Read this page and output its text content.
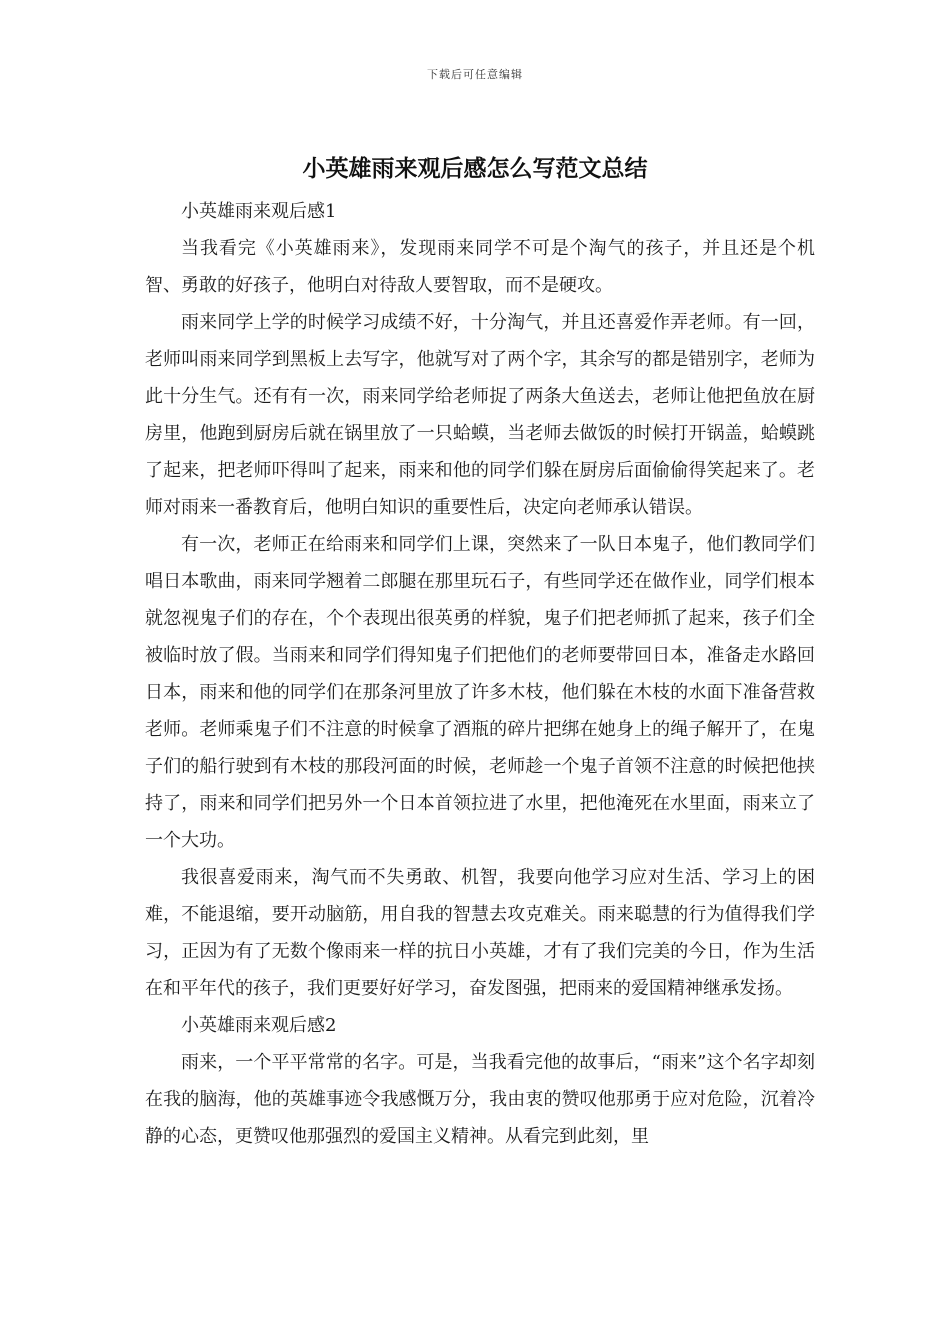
下载后可任意编辑
小英雄雨来观后感怎么写范文总结

小英雄雨来观后感1

当我看完《小英雄雨来》，发现雨来同学不可是个淘气的孩子，并且还是个机智、勇敢的好孩子，他明白对待敌人要智取，而不是硬攻。

雨来同学上学的时候学习成绩不好，十分淘气，并且还喜爱作弄老师。有一回，老师叫雨来同学到黑板上去写字，他就写对了两个字，其余写的都是错别字，老师为此十分生气。还有有一次，雨来同学给老师捉了两条大鱼送去，老师让他把鱼放在厨房里，他跑到厨房后就在锅里放了一只蛤蟆，当老师去做饭的时候打开锅盖，蛤蟆跳了起来，把老师吓得叫了起来，雨来和他的同学们躲在厨房后面偷偷得笑起来了。老师对雨来一番教育后，他明白知识的重要性后，决定向老师承认错误。

有一次，老师正在给雨来和同学们上课，突然来了一队日本鬼子，他们教同学们唱日本歌曲，雨来同学翘着二郎腿在那里玩石子，有些同学还在做作业，同学们根本就忽视鬼子们的存在，个个表现出很英勇的样貌，鬼子们把老师抓了起来，孩子们全被临时放了假。当雨来和同学们得知鬼子们把他们的老师要带回日本，准备走水路回日本，雨来和他的同学们在那条河里放了许多木枝，他们躲在木枝的水面下准备营救老师。老师乘鬼子们不注意的时候拿了酒瓶的碎片把绑在她身上的绳子解开了，在鬼子们的船行驶到有木枝的那段河面的时候，老师趁一个鬼子首领不注意的时候把他挟持了，雨来和同学们把另外一个日本首领拉进了水里，把他淹死在水里面，雨来立了一个大功。

我很喜爱雨来，淘气而不失勇敢、机智，我要向他学习应对生活、学习上的困难，不能退缩，要开动脑筋，用自我的智慧去攻克难关。雨来聪慧的行为值得我们学习，正因为有了无数个像雨来一样的抗日小英雄，才有了我们完美的今日，作为生活在和平年代的孩子，我们更要好好学习，奋发图强，把雨来的爱国精神继承发扬。

小英雄雨来观后感2

雨来，一个平平常常的名字。可是，当我看完他的故事后，“雨来”这个名字却刻在我的脑海，他的英雄事迹令我感慨万分，我由衷的赞叹他那勇于应对危险，沉着冷静的心态，更赞叹他那强烈的爱国主义精神。从看完到此刻，里
